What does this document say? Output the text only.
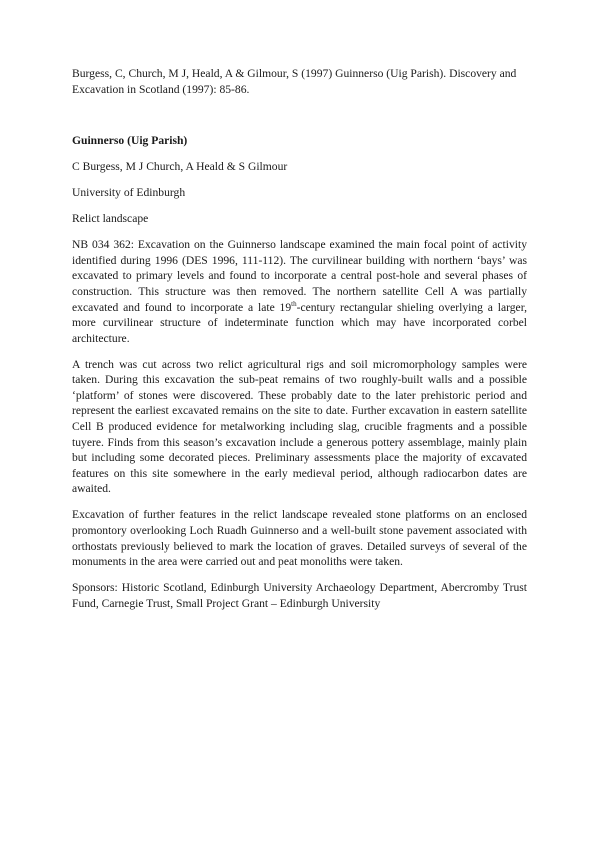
Burgess, C, Church, M J, Heald, A & Gilmour, S (1997) Guinnerso (Uig Parish). Discovery and Excavation in Scotland (1997): 85-86.

Guinnerso (Uig Parish)
C Burgess, M J Church, A Heald & S Gilmour
University of Edinburgh
Relict landscape
NB 034 362: Excavation on the Guinnerso landscape examined the main focal point of activity identified during 1996 (DES 1996, 111-112). The curvilinear building with northern ‘bays’ was excavated to primary levels and found to incorporate a central post-hole and several phases of construction. This structure was then removed. The northern satellite Cell A was partially excavated and found to incorporate a late 19th-century rectangular shieling overlying a larger, more curvilinear structure of indeterminate function which may have incorporated corbel architecture.
A trench was cut across two relict agricultural rigs and soil micromorphology samples were taken. During this excavation the sub-peat remains of two roughly-built walls and a possible ‘platform’ of stones were discovered. These probably date to the later prehistoric period and represent the earliest excavated remains on the site to date. Further excavation in eastern satellite Cell B produced evidence for metalworking including slag, crucible fragments and a possible tuyere. Finds from this season’s excavation include a generous pottery assemblage, mainly plain but including some decorated pieces. Preliminary assessments place the majority of excavated features on this site somewhere in the early medieval period, although radiocarbon dates are awaited.
Excavation of further features in the relict landscape revealed stone platforms on an enclosed promontory overlooking Loch Ruadh Guinnerso and a well-built stone pavement associated with orthostats previously believed to mark the location of graves. Detailed surveys of several of the monuments in the area were carried out and peat monoliths were taken.
Sponsors: Historic Scotland, Edinburgh University Archaeology Department, Abercromby Trust Fund, Carnegie Trust, Small Project Grant – Edinburgh University
